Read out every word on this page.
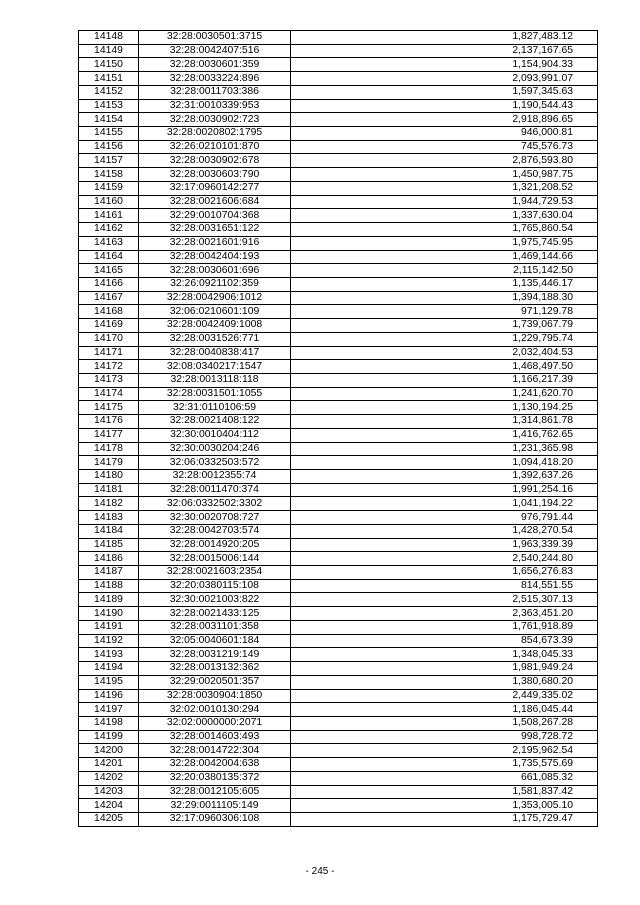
14148	32:28:0030501:3715	1,827,483.12
14149	32:28:0042407:516	2,137,167.65
14150	32:28:0030601:359	1,154,904.33
14151	32:28:0033224:896	2,093,991.07
14152	32:28:0011703:386	1,597,345.63
14153	32:31:0010339:953	1,190,544.43
14154	32:28:0030902:723	2,918,896.65
14155	32:28:0020802:1795	946,000.81
14156	32:26:0210101:870	745,576.73
14157	32:28:0030902:678	2,876,593.80
14158	32:28:0030603:790	1,450,987.75
14159	32:17:0960142:277	1,321,208.52
14160	32:28:0021606:684	1,944,729.53
14161	32:29:0010704:368	1,337,630.04
14162	32:28:0031651:122	1,765,860.54
14163	32:28:0021601:916	1,975,745.95
14164	32:28:0042404:193	1,469,144.66
14165	32:28:0030601:696	2,115,142.50
14166	32:26:0921102:359	1,135,446.17
14167	32:28:0042906:1012	1,394,188.30
14168	32:06:0210601:109	971,129.78
14169	32:28:0042409:1008	1,739,067.79
14170	32:28:0031526:771	1,229,795.74
14171	32:28:0040838:417	2,032,404.53
14172	32:08:0340217:1547	1,468,497.50
14173	32:28:0013118:118	1,166,217.39
14174	32:28:0031501:1055	1,241,620.70
14175	32:31:0110106:59	1,130,194.25
14176	32:28:0021408:122	1,314,861.78
14177	32:30:0010404:112	1,416,762.65
14178	32:30:0030204:246	1,231,365.98
14179	32:06:0332503:572	1,094,418.20
14180	32:28:0012355:74	1,392,637.26
14181	32:28:0011470:374	1,991,254.16
14182	32:06:0332502:3302	1,041,194.22
14183	32:30:0020708:727	976,791.44
14184	32:28:0042703:574	1,428,270.54
14185	32:28:0014920:205	1,963,339.39
14186	32:28:0015006:144	2,540,244.80
14187	32:28:0021603:2354	1,656,276.83
14188	32:20:0380115:108	814,551.55
14189	32:30:0021003:822	2,515,307.13
14190	32:28:0021433:125	2,363,451.20
14191	32:28:0031101:358	1,761,918.89
14192	32:05:0040601:184	854,673.39
14193	32:28:0031219:149	1,348,045.33
14194	32:28:0013132:362	1,981,949.24
14195	32:29:0020501:357	1,380,680.20
14196	32:28:0030904:1850	2,449,335.02
14197	32:02:0010130:294	1,186,045.44
14198	32:02:0000000:2071	1,508,267.28
14199	32:28:0014603:493	998,728.72
14200	32:28:0014722:304	2,195,962.54
14201	32:28:0042004:638	1,735,575.69
14202	32:20:0380135:372	661,085.32
14203	32:28:0012105:605	1,581,837.42
14204	32:29:0011105:149	1,353,005.10
14205	32:17:0960306:108	1,175,729.47
- 245 -
